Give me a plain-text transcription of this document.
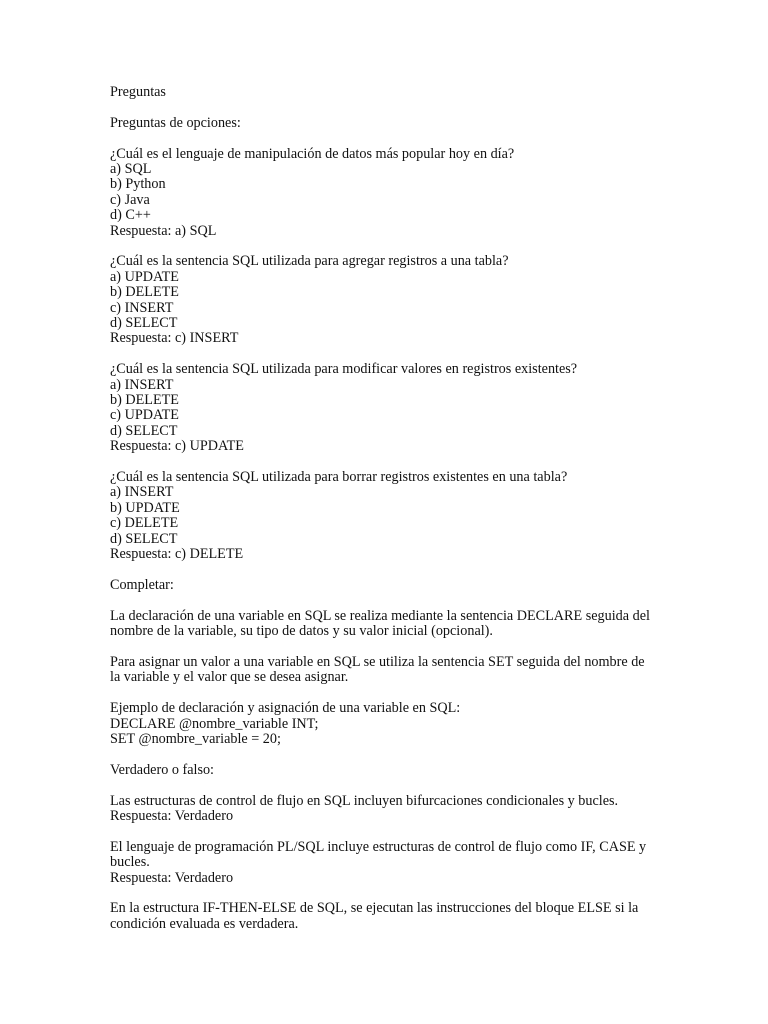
Preguntas
Preguntas de opciones:
¿Cuál es el lenguaje de manipulación de datos más popular hoy en día?
a) SQL
b) Python
c) Java
d) C++
Respuesta: a) SQL
¿Cuál es la sentencia SQL utilizada para agregar registros a una tabla?
a) UPDATE
b) DELETE
c) INSERT
d) SELECT
Respuesta: c) INSERT
¿Cuál es la sentencia SQL utilizada para modificar valores en registros existentes?
a) INSERT
b) DELETE
c) UPDATE
d) SELECT
Respuesta: c) UPDATE
¿Cuál es la sentencia SQL utilizada para borrar registros existentes en una tabla?
a) INSERT
b) UPDATE
c) DELETE
d) SELECT
Respuesta: c) DELETE
Completar:
La declaración de una variable en SQL se realiza mediante la sentencia DECLARE seguida del nombre de la variable, su tipo de datos y su valor inicial (opcional).
Para asignar un valor a una variable en SQL se utiliza la sentencia SET seguida del nombre de la variable y el valor que se desea asignar.
Ejemplo de declaración y asignación de una variable en SQL:
DECLARE @nombre_variable INT;
SET @nombre_variable = 20;
Verdadero o falso:
Las estructuras de control de flujo en SQL incluyen bifurcaciones condicionales y bucles.
Respuesta: Verdadero
El lenguaje de programación PL/SQL incluye estructuras de control de flujo como IF, CASE y bucles.
Respuesta: Verdadero
En la estructura IF-THEN-ELSE de SQL, se ejecutan las instrucciones del bloque ELSE si la condición evaluada es verdadera.
